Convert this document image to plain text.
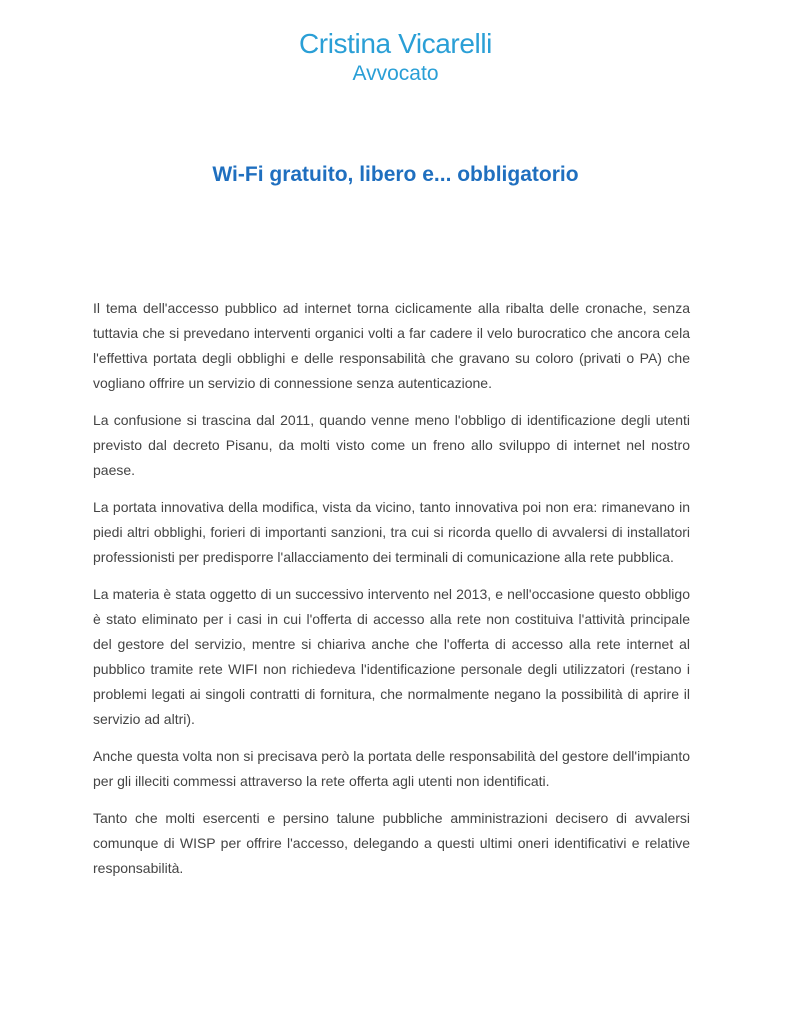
Cristina Vicarelli
Avvocato
Wi-Fi gratuito, libero e... obbligatorio

Il tema dell'accesso pubblico ad internet torna ciclicamente alla ribalta delle cronache, senza tuttavia che si prevedano interventi organici volti a far cadere il velo burocratico che ancora cela l'effettiva portata degli obblighi e delle responsabilità che gravano su coloro (privati o PA) che vogliano offrire un servizio di connessione senza autenticazione.

La confusione si trascina dal 2011, quando venne meno l'obbligo di identificazione degli utenti previsto dal decreto Pisanu, da molti visto come un freno allo sviluppo di internet nel nostro paese.

La portata innovativa della modifica, vista da vicino, tanto innovativa poi non era: rimanevano in piedi altri obblighi, forieri di importanti sanzioni, tra cui si ricorda quello di avvalersi di installatori professionisti per predisporre l'allacciamento dei terminali di comunicazione alla rete pubblica.

La materia è stata oggetto di un successivo intervento nel 2013, e nell'occasione questo obbligo è stato eliminato per i casi in cui l'offerta di accesso alla rete non costituiva l'attività principale del gestore del servizio, mentre si chiariva anche che l'offerta di accesso alla rete internet al pubblico tramite rete WIFI non richiedeva l'identificazione personale degli utilizzatori (restano i problemi legati ai singoli contratti di fornitura, che normalmente negano la possibilità di aprire il servizio ad altri).

Anche questa volta non si precisava però la portata delle responsabilità del gestore dell'impianto per gli illeciti commessi attraverso la rete offerta agli utenti non identificati.

Tanto che molti esercenti e persino talune pubbliche amministrazioni decisero di avvalersi comunque di WISP per offrire l'accesso, delegando a questi ultimi oneri identificativi e relative responsabilità.
